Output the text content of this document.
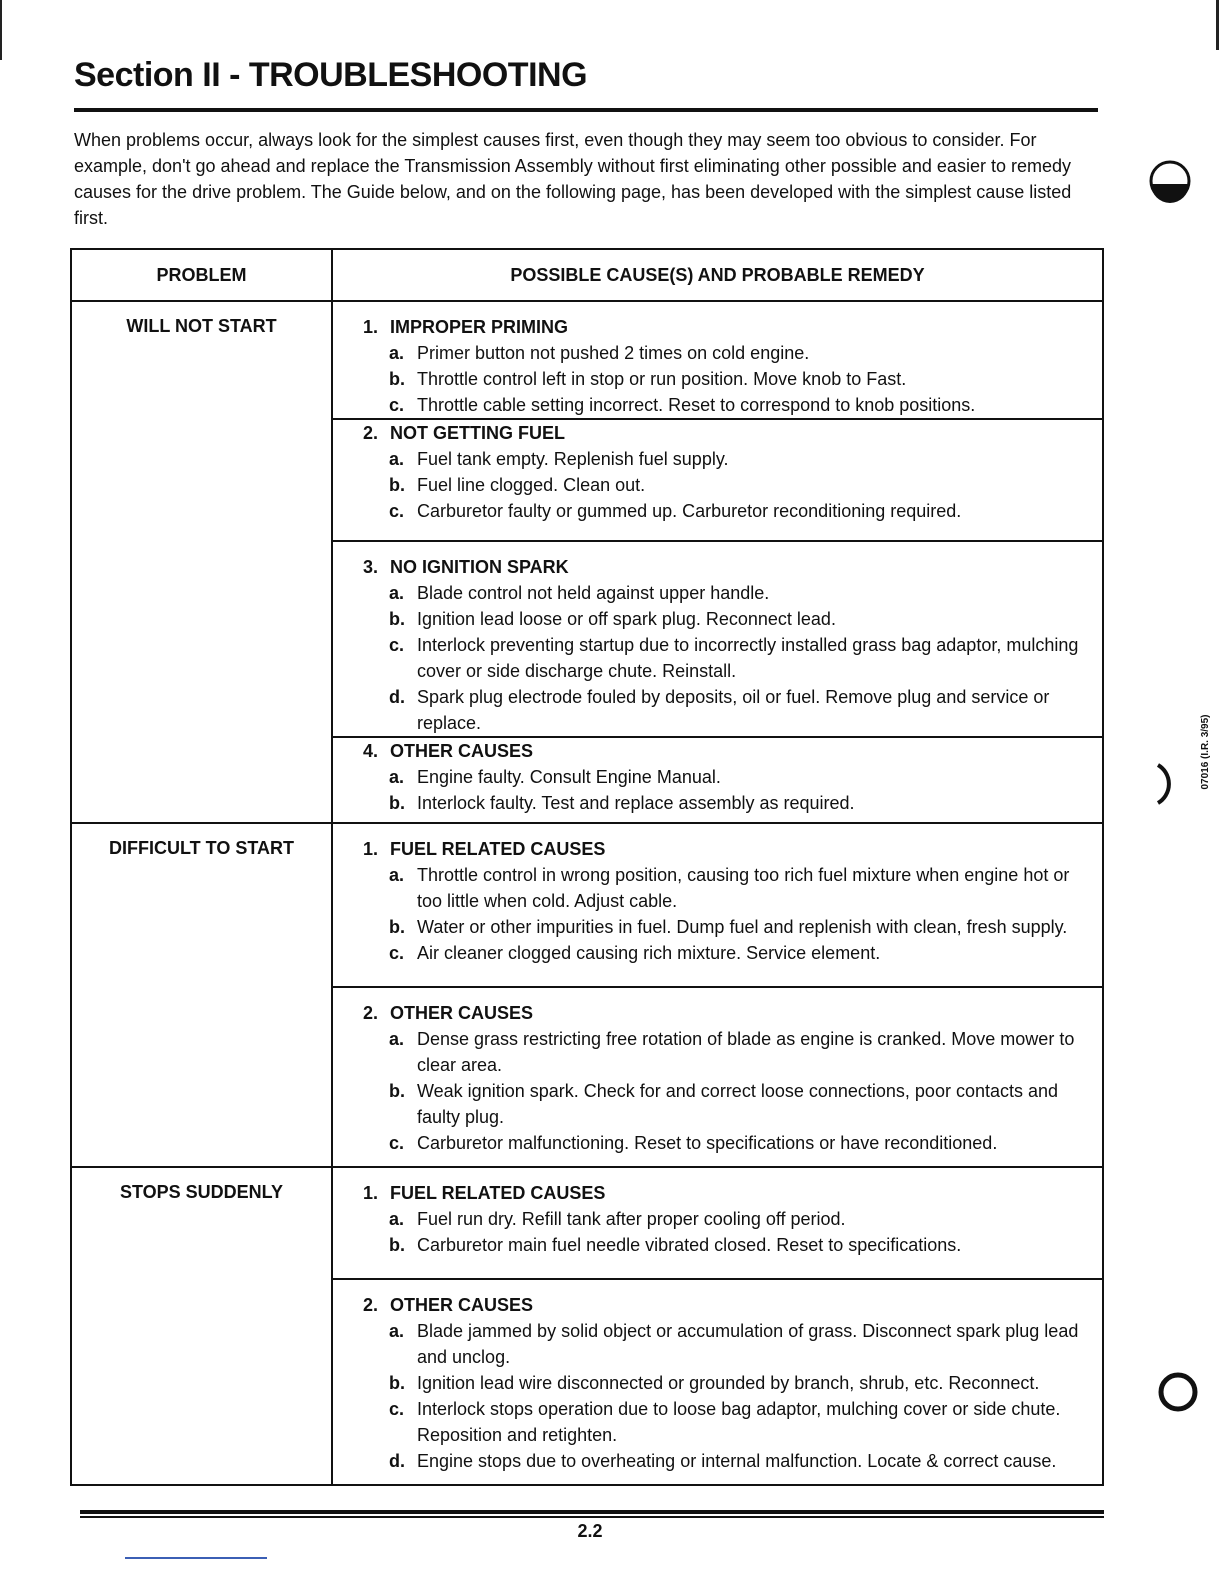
Section II - TROUBLESHOOTING

When problems occur, always look for the simplest causes first, even though they may seem too obvious to consider. For example, don't go ahead and replace the Transmission Assembly without first eliminating other possible and easier to remedy causes for the drive problem. The Guide below, and on the following page, has been developed with the simplest cause listed first.

PROBLEM	POSSIBLE CAUSE(S) AND PROBABLE REMEDY
WILL NOT START	1. IMPROPER PRIMING
a. Primer button not pushed 2 times on cold engine.
b. Throttle control left in stop or run position. Move knob to Fast.
c. Throttle cable setting incorrect. Reset to correspond to knob positions.
2. NOT GETTING FUEL
a. Fuel tank empty. Replenish fuel supply.
b. Fuel line clogged. Clean out.
c. Carburetor faulty or gummed up. Carburetor reconditioning required.
3. NO IGNITION SPARK
a. Blade control not held against upper handle.
b. Ignition lead loose or off spark plug. Reconnect lead.
c. Interlock preventing startup due to incorrectly installed grass bag adaptor, mulching cover or side discharge chute. Reinstall.
d. Spark plug electrode fouled by deposits, oil or fuel. Remove plug and service or replace.
4. OTHER CAUSES
a. Engine faulty. Consult Engine Manual.
b. Interlock faulty. Test and replace assembly as required.
DIFFICULT TO START	1. FUEL RELATED CAUSES
a. Throttle control in wrong position, causing too rich fuel mixture when engine hot or too little when cold. Adjust cable.
b. Water or other impurities in fuel. Dump fuel and replenish with clean, fresh supply.
c. Air cleaner clogged causing rich mixture. Service element.
2. OTHER CAUSES
a. Dense grass restricting free rotation of blade as engine is cranked. Move mower to clear area.
b. Weak ignition spark. Check for and correct loose connections, poor contacts and faulty plug.
c. Carburetor malfunctioning. Reset to specifications or have reconditioned.
STOPS SUDDENLY	1. FUEL RELATED CAUSES
a. Fuel run dry. Refill tank after proper cooling off period.
b. Carburetor main fuel needle vibrated closed. Reset to specifications.
2. OTHER CAUSES
a. Blade jammed by solid object or accumulation of grass. Disconnect spark plug lead and unclog.
b. Ignition lead wire disconnected or grounded by branch, shrub, etc. Reconnect.
c. Interlock stops operation due to loose bag adaptor, mulching cover or side chute. Reposition and retighten.
d. Engine stops due to overheating or internal malfunction. Locate & correct cause.
2.2
07016 (I.R. 3/95)
